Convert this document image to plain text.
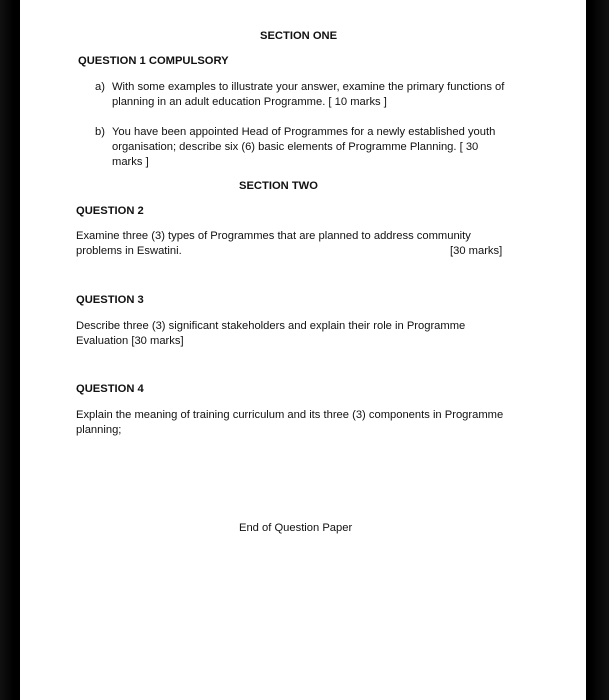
SECTION ONE
QUESTION 1 COMPULSORY
a) With some examples to illustrate your answer, examine the primary functions of
planning in an adult education Programme. [ 10 marks ]
b) You have been appointed Head of Programmes for a newly established youth
organisation; describe six (6) basic elements of Programme Planning. [ 30
marks ]
SECTION TWO
QUESTION 2
Examine three (3) types of Programmes that are planned to address community
problems in Eswatini.	[30 marks]
QUESTION 3
Describe three (3) significant stakeholders and explain their role in Programme
Evaluation [30 marks]
QUESTION 4
Explain the meaning of training curriculum and its three (3) components in Programme
planning;
End of Question Paper
